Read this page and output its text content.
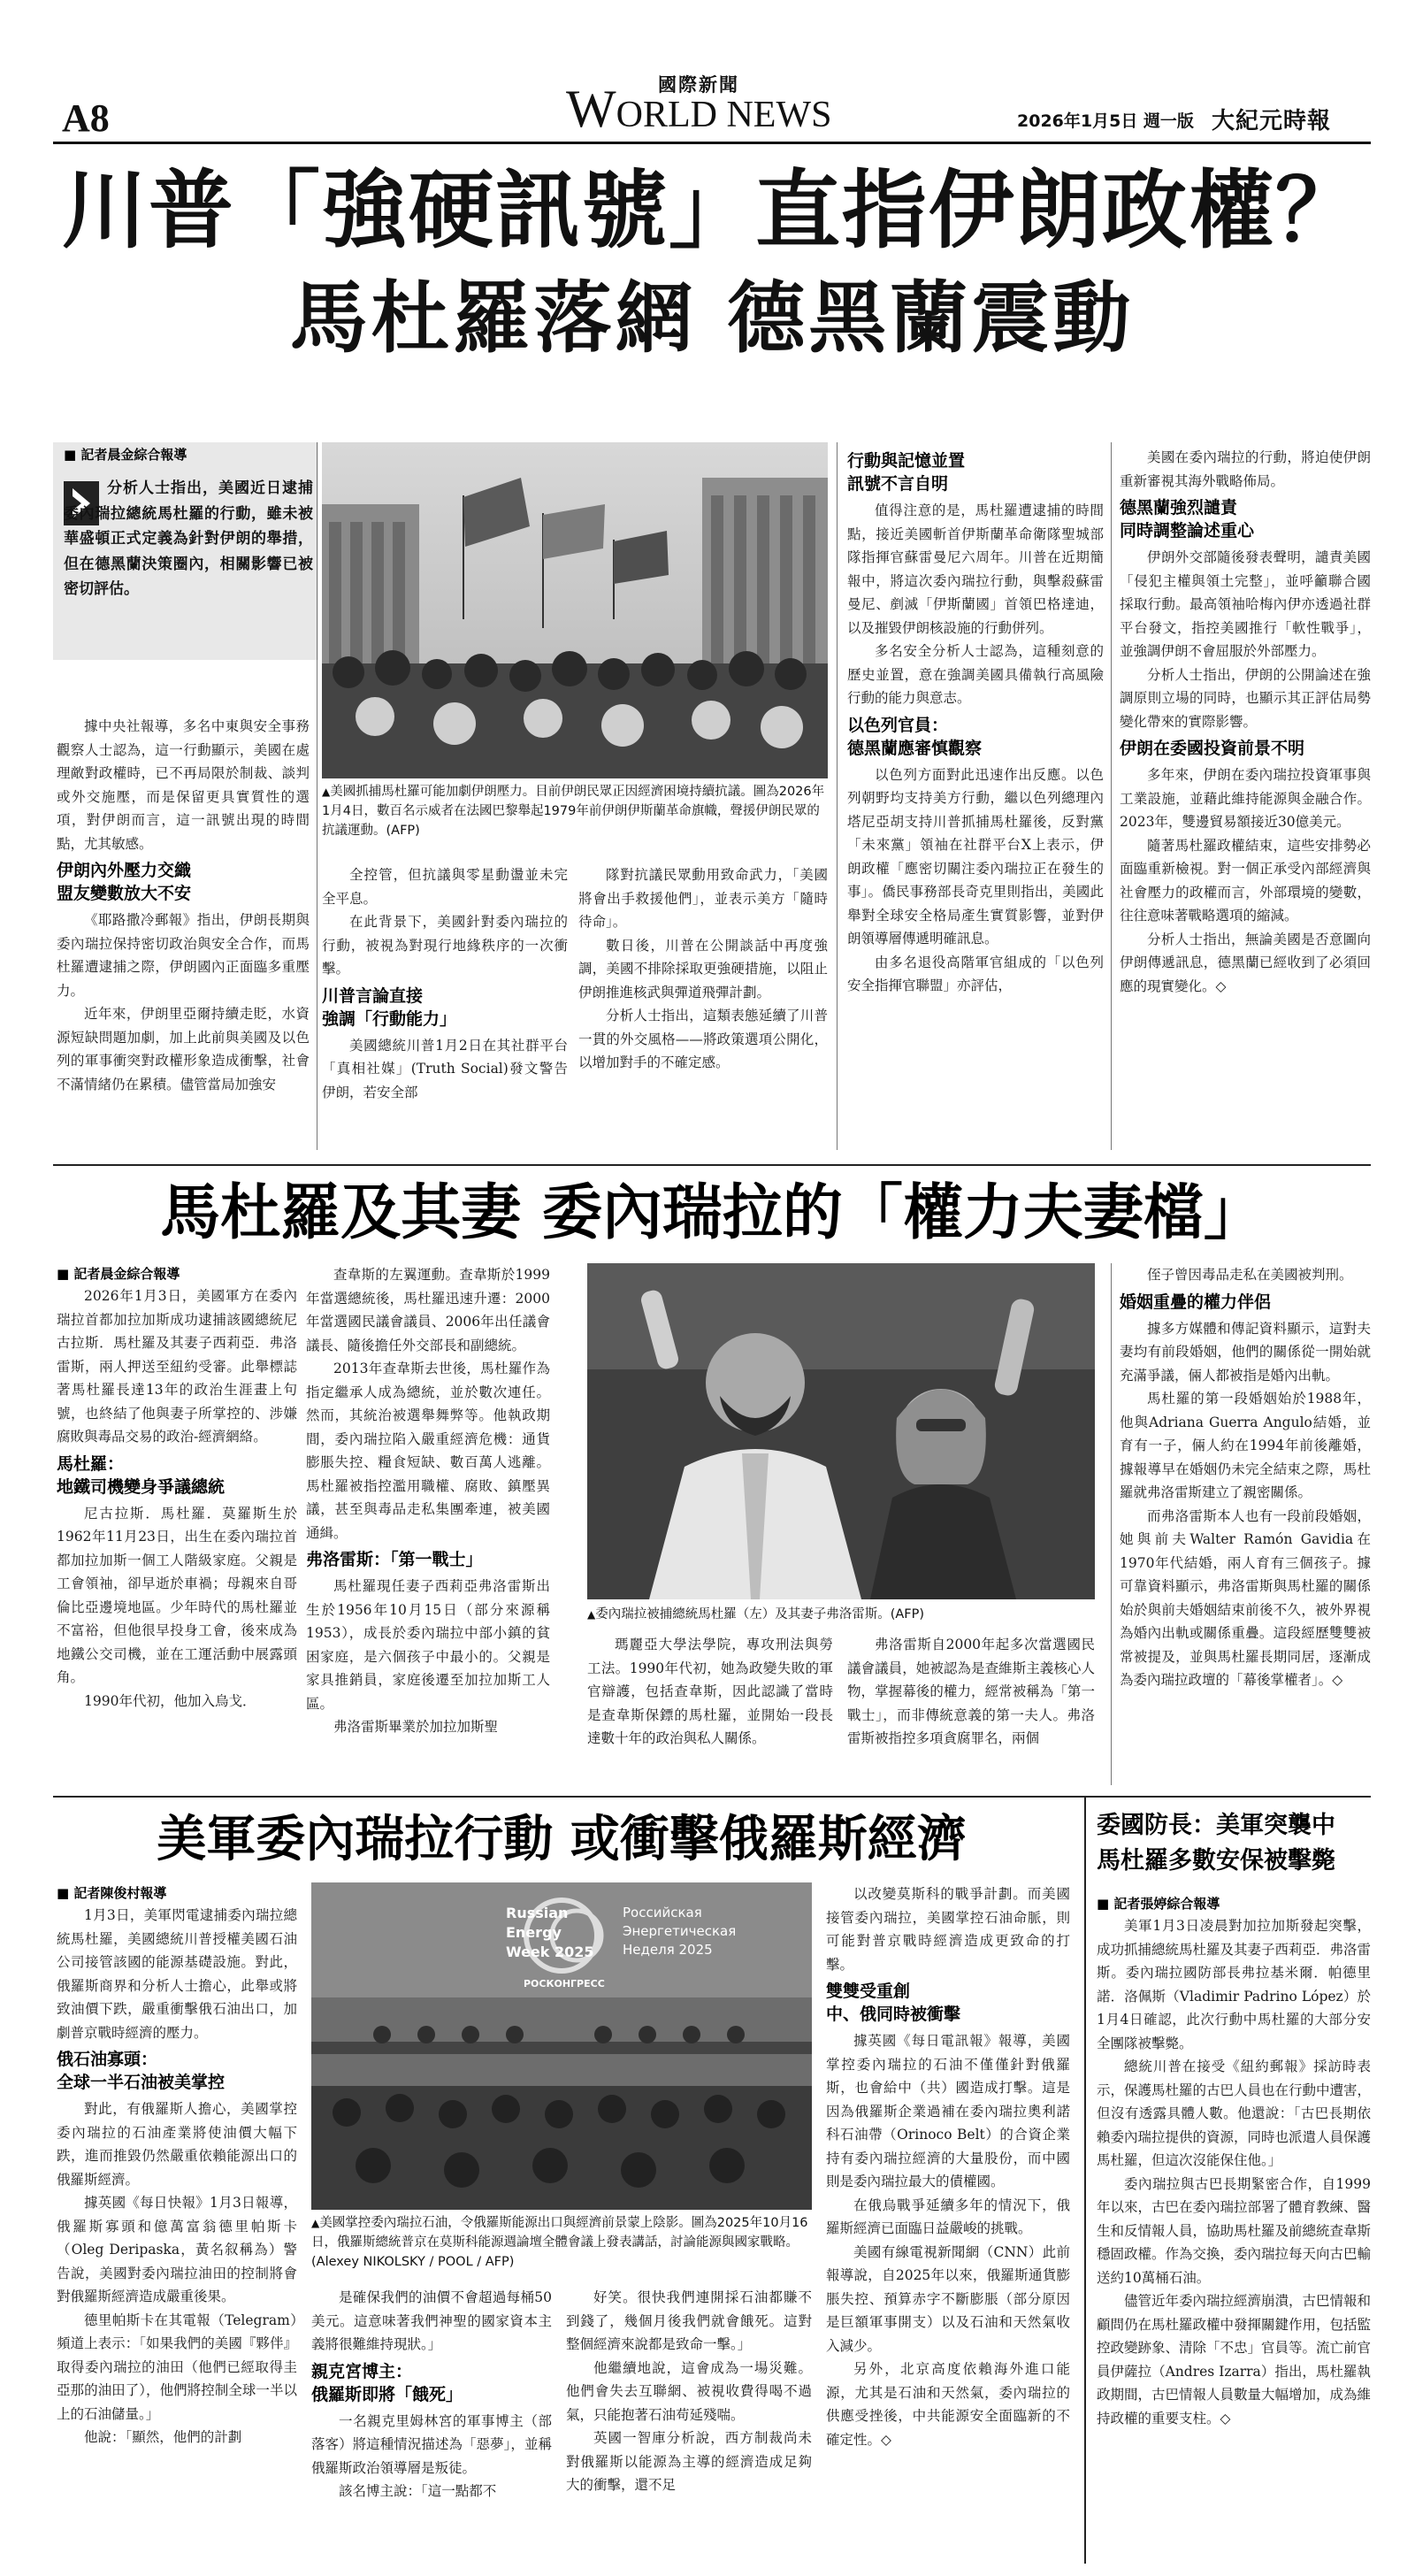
A8
國際新聞
WORLD NEWS	2026年1月5日 週一版 大紀元時報
川普「強硬訊號」直指伊朗政權？
馬杜羅落網 德黑蘭震動
■ 記者晨金綜合報導
分析人士指出，美國近日逮捕委內瑞拉總統馬杜羅的行動，雖未被華盛頓正式定義為針對伊朗的舉措，但在德黑蘭決策圈內，相關影響已被密切評估。

據中央社報導，多名中東與安全事務觀察人士認為，這一行動顯示，美國在處理敵對政權時，已不再局限於制裁、談判或外交施壓，而是保留更具實質性的選項，對伊朗而言，這一訊號出現的時間點，尤其敏感。

伊朗內外壓力交織
盟友變數放大不安

《耶路撒冷郵報》指出，伊朗長期與委內瑞拉保持密切政治與安全合作，而馬杜羅遭逮捕之際，伊朗國內正面臨多重壓力。

近年來，伊朗里亞爾持續走貶，水資源短缺問題加劇，加上此前與美國及以色列的軍事衝突對政權形象造成衝擊，社會不滿情緒仍在累積。儘管當局加強安

▲美國抓捕馬杜羅可能加劇伊朗壓力。目前伊朗民眾正因經濟困境持續抗議。圖為2026年1月4日，數百名示威者在法國巴黎舉起1979年前伊朗伊斯蘭革命旗幟，聲援伊朗民眾的抗議運動。(AFP)

全控管，但抗議與零星動盪並未完全平息。

在此背景下，美國針對委內瑞拉的行動，被視為對現行地緣秩序的一次衝擊。

川普言論直接
強調「行動能力」

美國總統川普1月2日在其社群平台「真相社媒」(Truth Social)發文警告伊朗，若安全部

隊對抗議民眾動用致命武力，「美國將會出手救援他們」，並表示美方「隨時待命」。

數日後，川普在公開談話中再度強調，美國不排除採取更強硬措施，以阻止伊朗推進核武與彈道飛彈計劃。

分析人士指出，這類表態延續了川普一貫的外交風格——將政策選項公開化，以增加對手的不確定感。

行動與記憶並置
訊號不言自明

值得注意的是，馬杜羅遭逮捕的時間點，接近美國斬首伊斯蘭革命衛隊聖城部隊指揮官蘇雷曼尼六周年。川普在近期簡報中，將這次委內瑞拉行動，與擊殺蘇雷曼尼、剷滅「伊斯蘭國」首領巴格達迪，以及摧毀伊朗核設施的行動併列。

多名安全分析人士認為，這種刻意的歷史並置，意在強調美國具備執行高風險行動的能力與意志。

以色列官員：
德黑蘭應審慎觀察

以色列方面對此迅速作出反應。以色列朝野均支持美方行動，繼以色列總理內塔尼亞胡支持川普抓捕馬杜羅後，反對黨「未來黨」領袖在社群平台X上表示，伊朗政權「應密切關注委內瑞拉正在發生的事」。僑民事務部長奇克里則指出，美國此舉對全球安全格局產生實質影響，並對伊朗領導層傳遞明確訊息。

由多名退役高階軍官組成的「以色列安全指揮官聯盟」亦評估，

美國在委內瑞拉的行動，將迫使伊朗重新審視其海外戰略佈局。

德黑蘭強烈譴責
同時調整論述重心

伊朗外交部隨後發表聲明，譴責美國「侵犯主權與領土完整」，並呼籲聯合國採取行動。最高領袖哈梅內伊亦透過社群平台發文，指控美國推行「軟性戰爭」，並強調伊朗不會屈服於外部壓力。

分析人士指出，伊朗的公開論述在強調原則立場的同時，也顯示其正評估局勢變化帶來的實際影響。

伊朗在委國投資前景不明

多年來，伊朗在委內瑞拉投資軍事與工業設施，並藉此維持能源與金融合作。2023年，雙邊貿易額接近30億美元。

隨著馬杜羅政權結束，這些安排勢必面臨重新檢視。對一個正承受內部經濟與社會壓力的政權而言，外部環境的變數，往往意味著戰略選項的縮減。

分析人士指出，無論美國是否意圖向伊朗傳遞訊息，德黑蘭已經收到了必須回應的現實變化。◇

馬杜羅及其妻 委內瑞拉的「權力夫妻檔」

■ 記者晨金綜合報導

2026年1月3日，美國軍方在委內瑞拉首都加拉加斯成功逮捕該國總統尼古拉斯．馬杜羅及其妻子西莉亞．弗洛雷斯，兩人押送至紐約受審。此舉標誌著馬杜羅長達13年的政治生涯畫上句號，也終結了他與妻子所掌控的、涉嫌腐敗與毒品交易的政治-經濟網絡。

馬杜羅：
地鐵司機變身爭議總統

尼古拉斯．馬杜羅．莫羅斯生於1962年11月23日，出生在委內瑞拉首都加拉加斯一個工人階級家庭。父親是工會領袖，卻早逝於車禍；母親來自哥倫比亞邊境地區。少年時代的馬杜羅並不富裕，但他很早投身工會，後來成為地鐵公交司機，並在工運活動中展露頭角。

1990年代初，他加入烏戈．

查韋斯的左翼運動。查韋斯於1999年當選總統後，馬杜羅迅速升遷：2000年當選國民議會議員、2006年出任議會議長、隨後擔任外交部長和副總統。

2013年查韋斯去世後，馬杜羅作為指定繼承人成為總統，並於數次連任。然而，其統治被選舉舞弊等。他執政期間，委內瑞拉陷入嚴重經濟危機：通貨膨脹失控、糧食短缺、數百萬人逃離。馬杜羅被指控濫用職權、腐敗、鎮壓異議，甚至與毒品走私集團牽連，被美國通緝。

弗洛雷斯：「第一戰士」

馬杜羅現任妻子西莉亞弗洛雷斯出生於1956年10月15日（部分來源稱1953），成長於委內瑞拉中部小鎮的貧困家庭，是六個孩子中最小的。父親是家具推銷員，家庭後遷至加拉加斯工人區。

弗洛雷斯畢業於加拉加斯聖

▲委內瑞拉被捕總統馬杜羅（左）及其妻子弗洛雷斯。(AFP)

瑪麗亞大學法學院，專攻刑法與勞工法。1990年代初，她為政變失敗的軍官辯護，包括查韋斯，因此認識了當時是查韋斯保鏢的馬杜羅，並開始一段長達數十年的政治與私人關係。

弗洛雷斯自2000年起多次當選國民議會議員，她被認為是查維斯主義核心人物，掌握幕後的權力，經常被稱為「第一戰士」，而非傳統意義的第一夫人。弗洛雷斯被指控多項貪腐罪名，兩個

侄子曾因毒品走私在美國被判刑。

婚姻重疊的權力伴侶

據多方媒體和傳記資料顯示，這對夫妻均有前段婚姻，他們的關係從一開始就充滿爭議，倆人都被指是婚內出軌。

馬杜羅的第一段婚姻始於1988年，他與Adriana Guerra Angulo結婚，並育有一子，倆人約在1994年前後離婚，據報導早在婚姻仍未完全結束之際，馬杜羅就弗洛雷斯建立了親密關係。

而弗洛雷斯本人也有一段前段婚姻，她與前夫Walter Ramón Gavidia在1970年代結婚，兩人育有三個孩子。據可靠資料顯示，弗洛雷斯與馬杜羅的關係始於與前夫婚姻結束前後不久，被外界視為婚內出軌或關係重疊。這段經歷雙雙被常被提及，並與馬杜羅長期同居，逐漸成為委內瑞拉政壇的「幕後掌權者」。◇

美軍委內瑞拉行動 或衝擊俄羅斯經濟

■ 記者陳俊村報導

1月3日，美軍閃電逮捕委內瑞拉總統馬杜羅，美國總統川普授權美國石油公司接管該國的能源基礎設施。對此，俄羅斯商界和分析人士擔心，此舉或將致油價下跌，嚴重衝擊俄石油出口，加劇普京戰時經濟的壓力。

俄石油寡頭：
全球一半石油被美掌控

對此，有俄羅斯人擔心，美國掌控委內瑞拉的石油產業將使油價大幅下跌，進而推毀仍然嚴重依賴能源出口的俄羅斯經濟。

據英國《每日快報》1月3日報導，俄羅斯寡頭和億萬富翁德里帕斯卡（Oleg Deripaska，黃名叙稱為）警告說，美國對委內瑞拉油田的控制將會對俄羅斯經濟造成嚴重後果。

德里帕斯卡在其電報（Telegram）頻道上表示：「如果我們的美國『夥伴』取得委內瑞拉的油田（他們已經取得圭亞那的油田了），他們將控制全球一半以上的石油儲量。」

他說：「顯然，他們的計劃

Russian Energy Week 2025
Российская Энергетическая Неделя 2025
РОСКОНГРЕСС
▲美國掌控委內瑞拉石油，令俄羅斯能源出口與經濟前景蒙上陰影。圖為2025年10月16日，俄羅斯總統普京在莫斯科能源週論壇全體會議上發表講話，討論能源與國家戰略。(Alexey NIKOLSKY / POOL / AFP)

是確保我們的油價不會超過每桶50美元。這意味著我們神聖的國家資本主義將很難維持現狀。」

親克宮博主：
俄羅斯即將「餓死」

一名親克里姆林宮的軍事博主（部落客）將這種情況描述為「惡夢」，並稱俄羅斯政治領導層是叛徒。

該名博主說：「這一點都不

好笑。很快我們連開採石油都賺不到錢了，幾個月後我們就會餓死。這對整個經濟來說都是致命一擊。」

他繼續地說，這會成為一場災難。他們會失去互聯網、被視收費得喝不過氣，只能抱著石油苟延殘喘。

英國一智庫分析說，西方制裁尚未對俄羅斯以能源為主導的經濟造成足夠大的衝擊，還不足

以改變莫斯科的戰爭計劃。而美國接管委內瑞拉，美國掌控石油命脈，則可能對普京戰時經濟造成更致命的打擊。

雙雙受重創
中、俄同時被衝擊

據英國《每日電訊報》報導，美國掌控委內瑞拉的石油不僅僅針對俄羅斯，也會給中（共）國造成打擊。這是因為俄羅斯企業過補在委內瑞拉奧利諾科石油帶（Orinoco Belt）的合資企業持有委內瑞拉經濟的大量股份，而中國則是委內瑞拉最大的債權國。

在俄烏戰爭延續多年的情況下，俄羅斯經濟已面臨日益嚴峻的挑戰。

美國有線電視新聞網（CNN）此前報導說，自2025年以來，俄羅斯通貨膨脹失控、預算赤字不斷膨脹（部分原因是巨額軍事開支）以及石油和天然氣收入減少。

另外，北京高度依賴海外進口能源，尤其是石油和天然氣，委內瑞拉的供應受挫後，中共能源安全面臨新的不確定性。◇

委國防長：美軍突襲中
馬杜羅多數安保被擊斃

■ 記者張婷綜合報導

美軍1月3日凌晨對加拉加斯發起突擊，成功抓捕總統馬杜羅及其妻子西莉亞．弗洛雷斯。委內瑞拉國防部長弗拉基米爾．帕德里諾．洛佩斯（Vladimir Padrino López）於1月4日確認，此次行動中馬杜羅的大部分安全團隊被擊斃。

總統川普在接受《紐約郵報》採訪時表示，保護馬杜羅的古巴人員也在行動中遭害，但沒有透露具體人數。他還說：「古巴長期依賴委內瑞拉提供的資源，同時也派遣人員保護馬杜羅，但這次沒能保住他。」

委內瑞拉與古巴長期緊密合作，自1999年以來，古巴在委內瑞拉部署了體育教練、醫生和反情報人員，協助馬杜羅及前總統查韋斯穩固政權。作為交換，委內瑞拉每天向古巴輸送約10萬桶石油。

儘管近年委內瑞拉經濟崩潰，古巴情報和顧問仍在馬杜羅政權中發揮關鍵作用，包括監控政變跡象、清除「不忠」官員等。流亡前官員伊薩拉（Andres Izarra）指出，馬杜羅執政期間，古巴情報人員數量大幅增加，成為維持政權的重要支柱。◇
